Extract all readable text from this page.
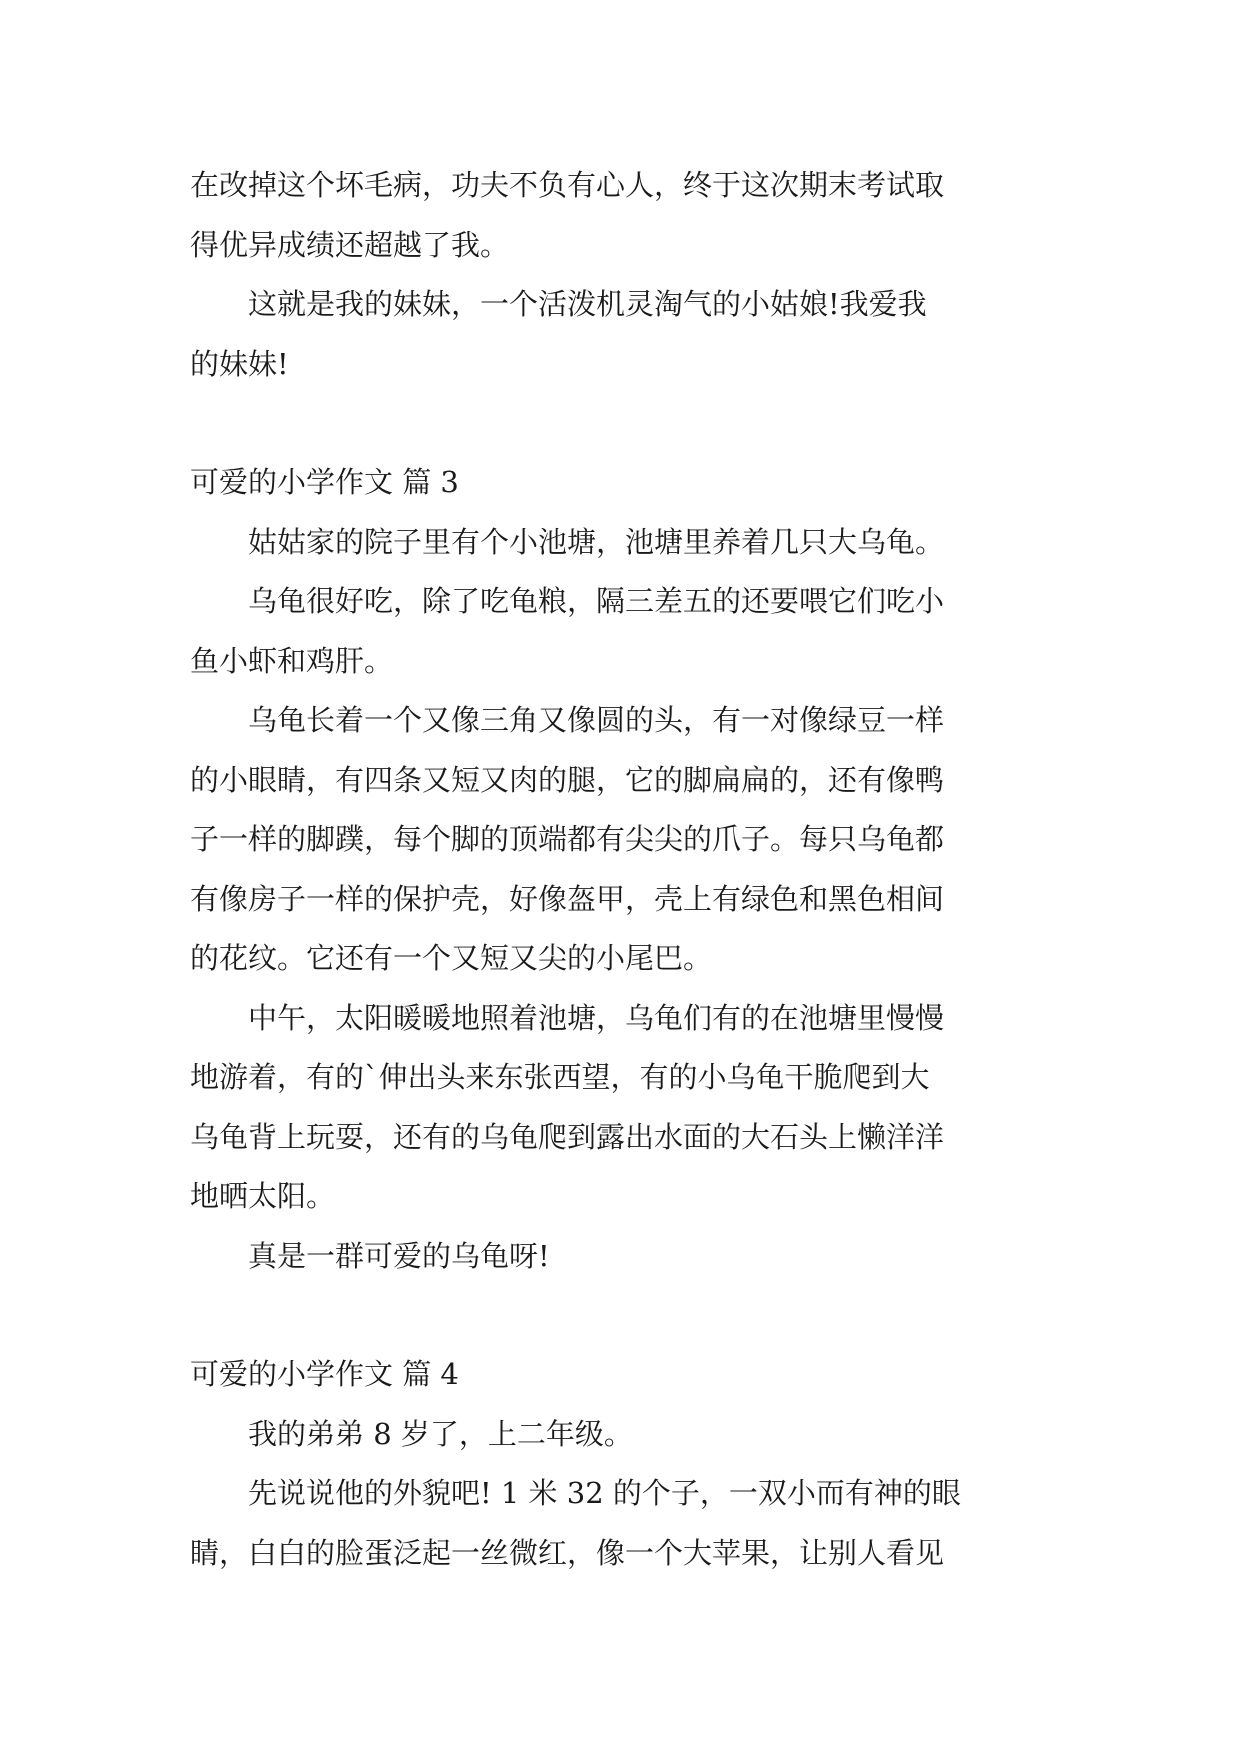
在改掉这个坏毛病，功夫不负有心人，终于这次期末考试取
得优异成绩还超越了我。
这就是我的妹妹，一个活泼机灵淘气的小姑娘!我爱我
的妹妹!
可爱的小学作文 篇 3
姑姑家的院子里有个小池塘，池塘里养着几只大乌龟。
乌龟很好吃，除了吃龟粮，隔三差五的还要喂它们吃小
鱼小虾和鸡肝。
乌龟长着一个又像三角又像圆的头，有一对像绿豆一样
的小眼睛，有四条又短又肉的腿，它的脚扁扁的，还有像鸭
子一样的脚蹼，每个脚的顶端都有尖尖的爪子。每只乌龟都
有像房子一样的保护壳，好像盔甲，壳上有绿色和黑色相间
的花纹。它还有一个又短又尖的小尾巴。
中午，太阳暖暖地照着池塘，乌龟们有的在池塘里慢慢
地游着，有的`伸出头来东张西望，有的小乌龟干脆爬到大
乌龟背上玩耍，还有的乌龟爬到露出水面的大石头上懒洋洋
地晒太阳。
真是一群可爱的乌龟呀!
可爱的小学作文 篇 4
我的弟弟 8 岁了，上二年级。
先说说他的外貌吧! 1 米 32 的个子，一双小而有神的眼
睛，白白的脸蛋泛起一丝微红，像一个大苹果，让别人看见
